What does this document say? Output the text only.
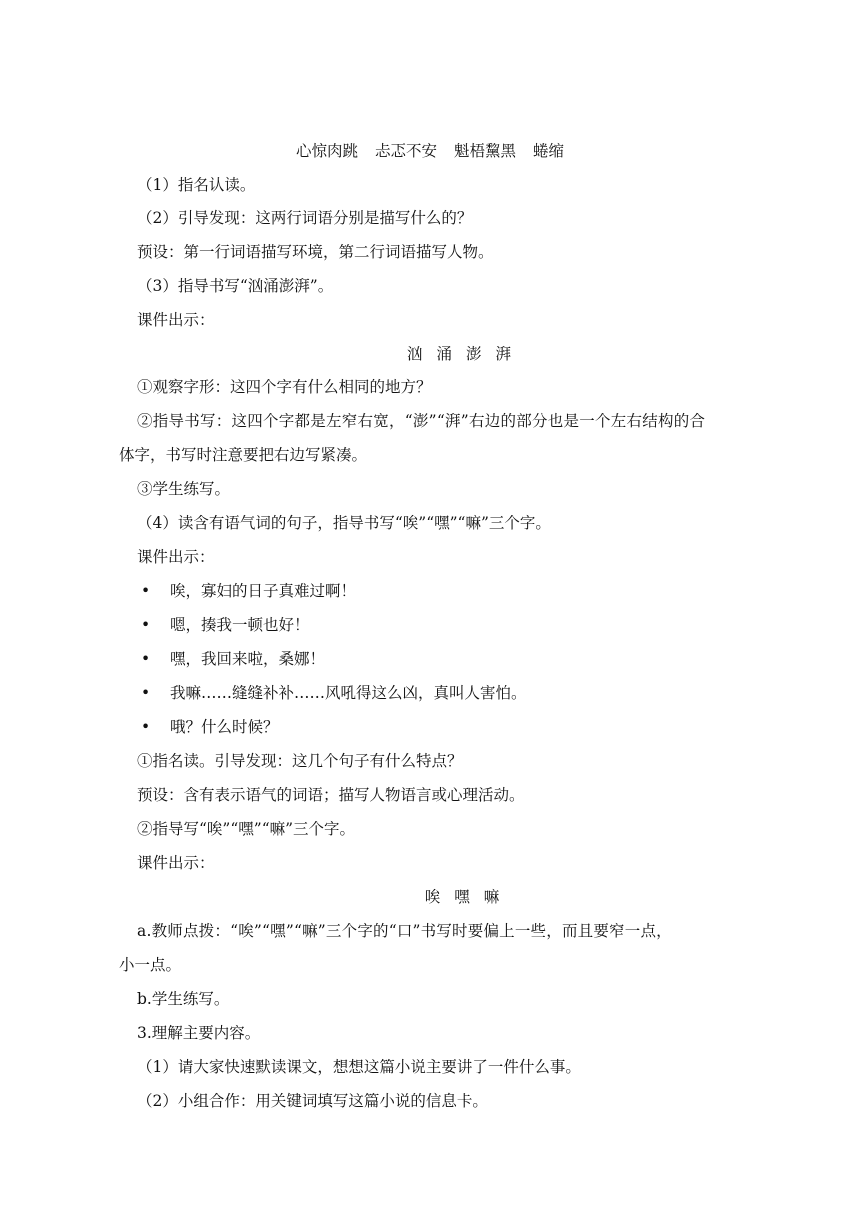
心惊肉跳 忐忑不安 魁梧黧黑 蜷缩
（1）指名认读。
（2）引导发现：这两行词语分别是描写什么的？
预设：第一行词语描写环境，第二行词语描写人物。
（3）指导书写“汹涌澎湃”。
课件出示：
汹 涌 澎 湃
①观察字形：这四个字有什么相同的地方？
②指导书写：这四个字都是左窄右宽，“澎”“湃”右边的部分也是一个左右结构的合
体字，书写时注意要把右边写紧凑。
③学生练写。
（4）读含有语气词的句子，指导书写“唉”“嘿”“嘛”三个字。
课件出示：
•	唉，寡妇的日子真难过啊！
•	嗯，揍我一顿也好！
•	嘿，我回来啦，桑娜！
•	我嘛……缝缝补补……风吼得这么凶，真叫人害怕。
•	哦？什么时候？
①指名读。引导发现：这几个句子有什么特点？
预设：含有表示语气的词语；描写人物语言或心理活动。
②指导写“唉”“嘿”“嘛”三个字。
课件出示：
唉 嘿 嘛
a.教师点拨：“唉”“嘿”“嘛”三个字的“口”书写时要偏上一些，而且要窄一点，
小一点。
b.学生练写。
3.理解主要内容。
（1）请大家快速默读课文，想想这篇小说主要讲了一件什么事。
（2）小组合作：用关键词填写这篇小说的信息卡。
